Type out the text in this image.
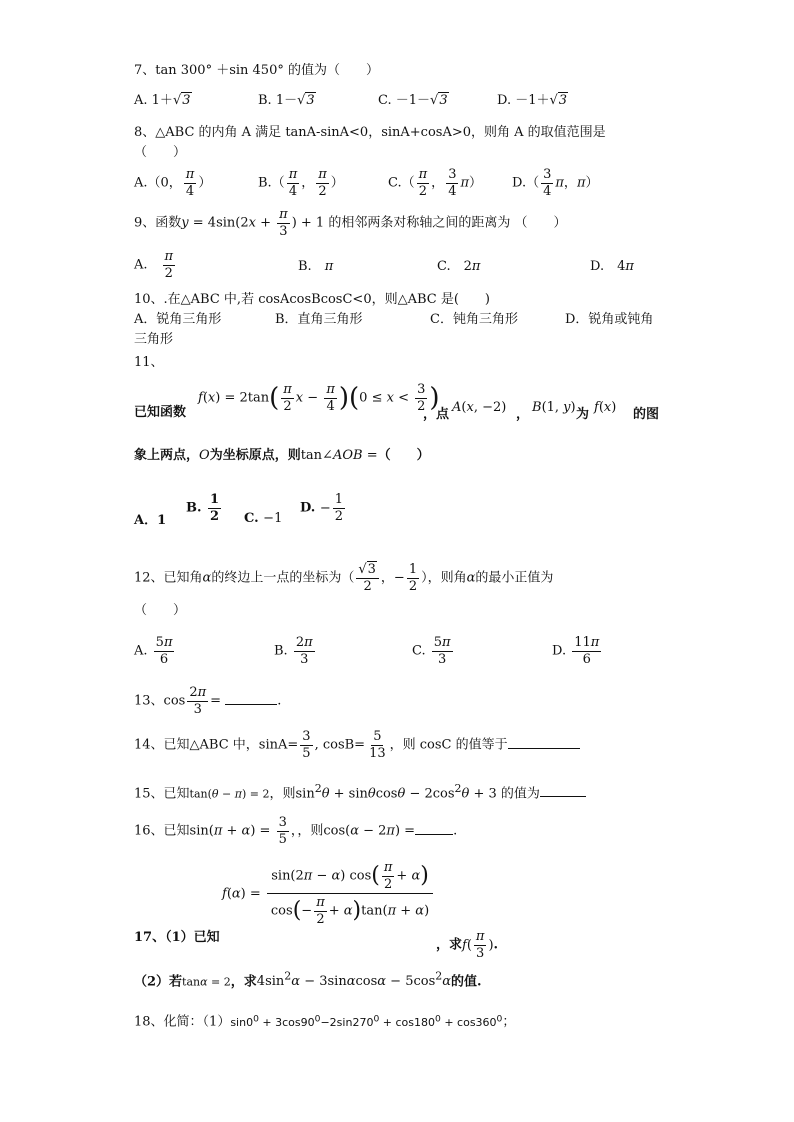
7、tan 300° ＋sin 450° 的值为（　　）
A. 1＋√3	B. 1－√3	C. －1－√3	D. －1＋√3
8、△ABC 的内角 A 满足 tanA-sinA<0，sinA+cosA>0，则角 A 的取值范围是
（　　）
A.（0， $\frac{\pi}{4}$ ）	$B.( \frac{\pi}{4}$ ， $\frac{\pi}{2}$ ）	$C.( \frac{\pi}{2}$ ， $\frac{3}{4} \pi$） $D.( \frac{3}{4}$ π，π）
9、函数$y = 4\sin(2x + \frac{\pi}{3}$ ) + 1 的相邻两条对称轴之间的距离为 （　　）
A.　 $\frac{\pi}{2}$	B.　π	C.　2π	D.　4π
10、.在△ABC 中,若 cosAcosBcosC<0，则△ABC 是(　　)
A．锐角三角形	B．直角三角形	C．钝角三角形	D．锐角或钝角
三角形
11、
已知函数
$f(x) = 2\tan( \frac{\pi}{2}$ $x - \frac{\pi}{4} )(0 \le x < \frac{3}{2}$ )
，点 A(x, −2) ， B(1, y) 为 f(x) 的图
象上两点，O为坐标原点，则tan∠AOB =（　　）
A．1
B. $\frac{1}{2} C$. −1
D. − $\frac{1}{2}$
12、已知角α的终边上一点的坐标为（ $\frac{√3}{2}$ ，− $\frac{1}{2}$ ），则角α的最小正值为
（　　）
A. $\frac{5\pi}{6}$	B. $\frac{2\pi}{3}$	C. $\frac{5\pi}{3}$	D. $\frac{11\pi}{6}$
13、$\cos \frac{2\pi}{3}$ =	.
14、已知△ABC 中，$\sin A= \frac{3}{5}$ , $\cos B= \frac{5}{13}$ ，则 cosC 的值等于
15、已知tan(θ − π) = 2，则$\sin^2\theta + \sin\theta\cos\theta - 2\cos^2\theta + 3$ 的值为
16、已知$\sin(\pi + \alpha) = \frac{3}{5}$ ，，则cos(α − 2π) =	.
$f(\alpha) = \frac{\sin(2\pi - \alpha) \cos( \frac{\pi}{2} + \alpha)}{\cos(- \frac{\pi}{2} + \alpha)\tan(\pi + \alpha)}$
17、（1）已知
，求$f( \frac{\pi}{3}$ ).
（2）若tanα = 2，求$4\sin^2\alpha - 3\sin\alpha\cos\alpha - 5\cos^2\alpha$的值.
18、化简：$(1)\sin 0^0 + 3\cos 90^0-2\sin 270^0 + \cos 180^0 + \cos 360^0$；
